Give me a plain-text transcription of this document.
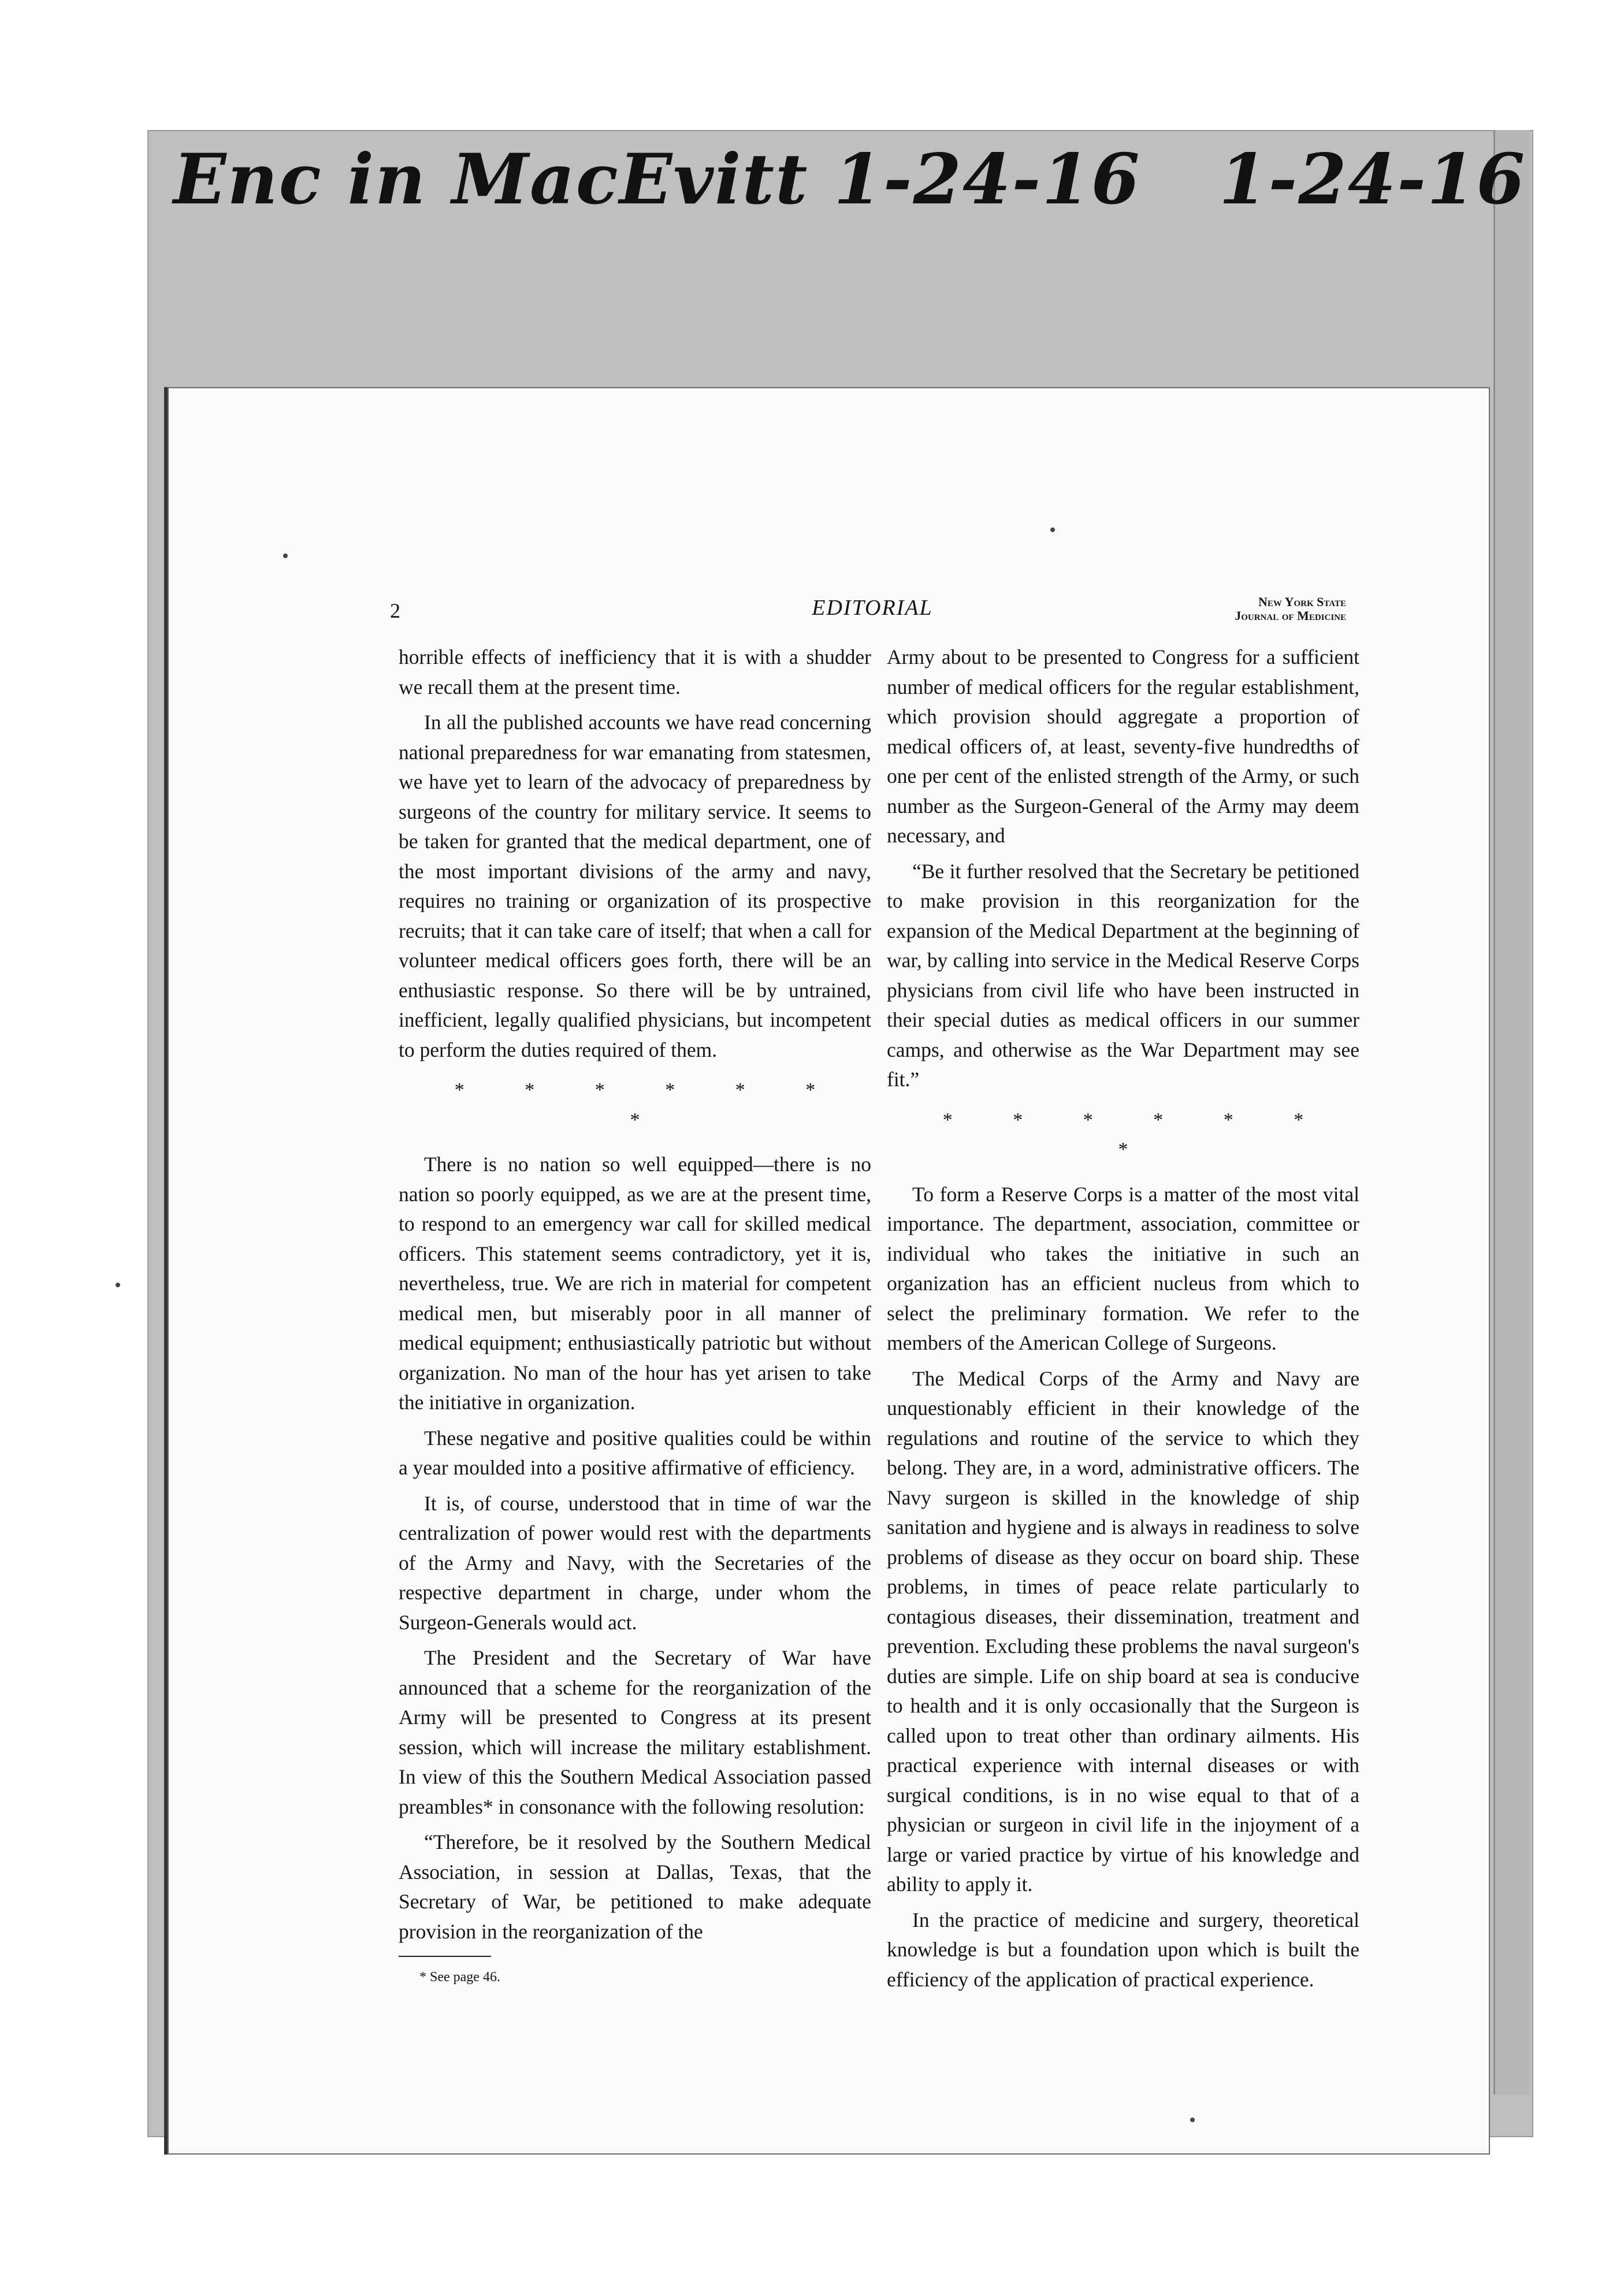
Enc in MacEvitt 1-24-16 1-24-16
2	EDITORIAL	New York State
Journal of Medicine

horrible effects of inefficiency that it is with a shudder we recall them at the present time.

In all the published accounts we have read concerning national preparedness for war emanating from statesmen, we have yet to learn of the advocacy of preparedness by surgeons of the country for military service. It seems to be taken for granted that the medical department, one of the most important divisions of the army and navy, requires no training or organization of its prospective recruits; that it can take care of itself; that when a call for volunteer medical officers goes forth, there will be an enthusiastic response. So there will be by untrained, inefficient, legally qualified physicians, but incompetent to perform the duties required of them.

* * * * * * *

There is no nation so well equipped—there is no nation so poorly equipped, as we are at the present time, to respond to an emergency war call for skilled medical officers. This statement seems contradictory, yet it is, nevertheless, true. We are rich in material for competent medical men, but miserably poor in all manner of medical equipment; enthusiastically patriotic but without organization. No man of the hour has yet arisen to take the initiative in organization.

These negative and positive qualities could be within a year moulded into a positive affirmative of efficiency.

It is, of course, understood that in time of war the centralization of power would rest with the departments of the Army and Navy, with the Secretaries of the respective department in charge, under whom the Surgeon-Generals would act.

The President and the Secretary of War have announced that a scheme for the reorganization of the Army will be presented to Congress at its present session, which will increase the military establishment. In view of this the Southern Medical Association passed preambles* in consonance with the following resolution:

“Therefore, be it resolved by the Southern Medical Association, in session at Dallas, Texas, that the Secretary of War, be petitioned to make adequate provision in the reorganization of the

* See page 46.

Army about to be presented to Congress for a sufficient number of medical officers for the regular establishment, which provision should aggregate a proportion of medical officers of, at least, seventy-five hundredths of one per cent of the enlisted strength of the Army, or such number as the Surgeon-General of the Army may deem necessary, and

“Be it further resolved that the Secretary be petitioned to make provision in this reorganization for the expansion of the Medical Department at the beginning of war, by calling into service in the Medical Reserve Corps physicians from civil life who have been instructed in their special duties as medical officers in our summer camps, and otherwise as the War Department may see fit.”

* * * * * * *

To form a Reserve Corps is a matter of the most vital importance. The department, association, committee or individual who takes the initiative in such an organization has an efficient nucleus from which to select the preliminary formation. We refer to the members of the American College of Surgeons.

The Medical Corps of the Army and Navy are unquestionably efficient in their knowledge of the regulations and routine of the service to which they belong. They are, in a word, administrative officers. The Navy surgeon is skilled in the knowledge of ship sanitation and hygiene and is always in readiness to solve problems of disease as they occur on board ship. These problems, in times of peace relate particularly to contagious diseases, their dissemination, treatment and prevention. Excluding these problems the naval surgeon's duties are simple. Life on ship board at sea is conducive to health and it is only occasionally that the Surgeon is called upon to treat other than ordinary ailments. His practical experience with internal diseases or with surgical conditions, is in no wise equal to that of a physician or surgeon in civil life in the injoyment of a large or varied practice by virtue of his knowledge and ability to apply it.

In the practice of medicine and surgery, theoretical knowledge is but a foundation upon which is built the efficiency of the application of practical experience.
